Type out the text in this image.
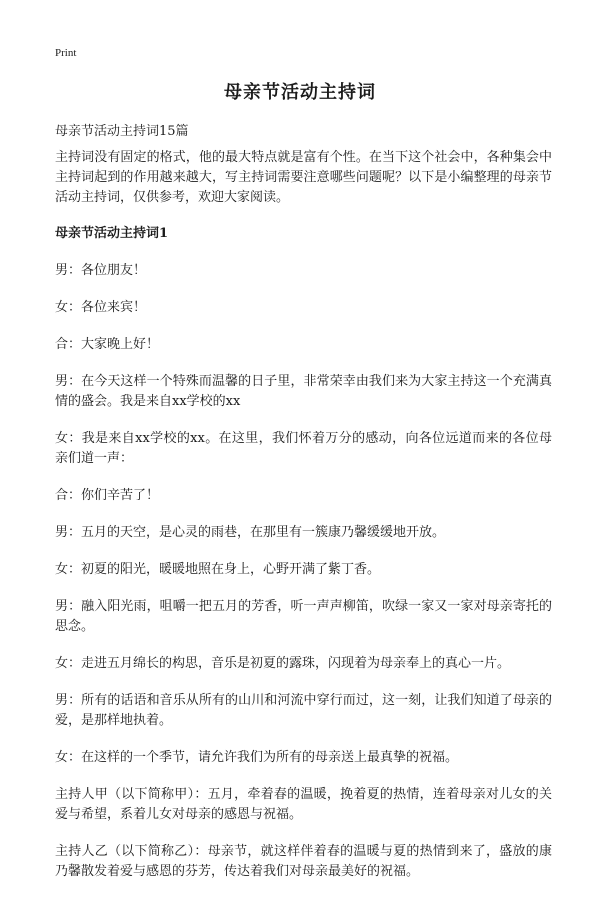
Print
母亲节活动主持词
母亲节活动主持词15篇

主持词没有固定的格式，他的最大特点就是富有个性。在当下这个社会中，各种集会中主持词起到的作用越来越大，写主持词需要注意哪些问题呢？以下是小编整理的母亲节活动主持词，仅供参考，欢迎大家阅读。

母亲节活动主持词1

男：各位朋友！

女：各位来宾！

合：大家晚上好！

男：在今天这样一个特殊而温馨的日子里，非常荣幸由我们来为大家主持这一个充满真情的盛会。我是来自xx学校的xx

女：我是来自xx学校的xx。在这里，我们怀着万分的感动，向各位远道而来的各位母亲们道一声：

合：你们辛苦了！

男：五月的天空，是心灵的雨巷，在那里有一簇康乃馨缓缓地开放。

女：初夏的阳光，暖暖地照在身上，心野开满了紫丁香。

男：融入阳光雨，咀嚼一把五月的芳香，听一声声柳笛，吹绿一家又一家对母亲寄托的思念。

女：走进五月绵长的构思，音乐是初夏的露珠，闪现着为母亲奉上的真心一片。

男：所有的话语和音乐从所有的山川和河流中穿行而过，这一刻，让我们知道了母亲的爱，是那样地执着。

女：在这样的一个季节，请允许我们为所有的母亲送上最真挚的祝福。

主持人甲（以下简称甲）：五月，牵着春的温暖，挽着夏的热情，连着母亲对儿女的关爱与希望，系着儿女对母亲的感恩与祝福。

主持人乙（以下简称乙）：母亲节，就这样伴着春的温暖与夏的热情到来了，盛放的康乃馨散发着爱与感恩的芬芳，传达着我们对母亲最美好的祝福。
